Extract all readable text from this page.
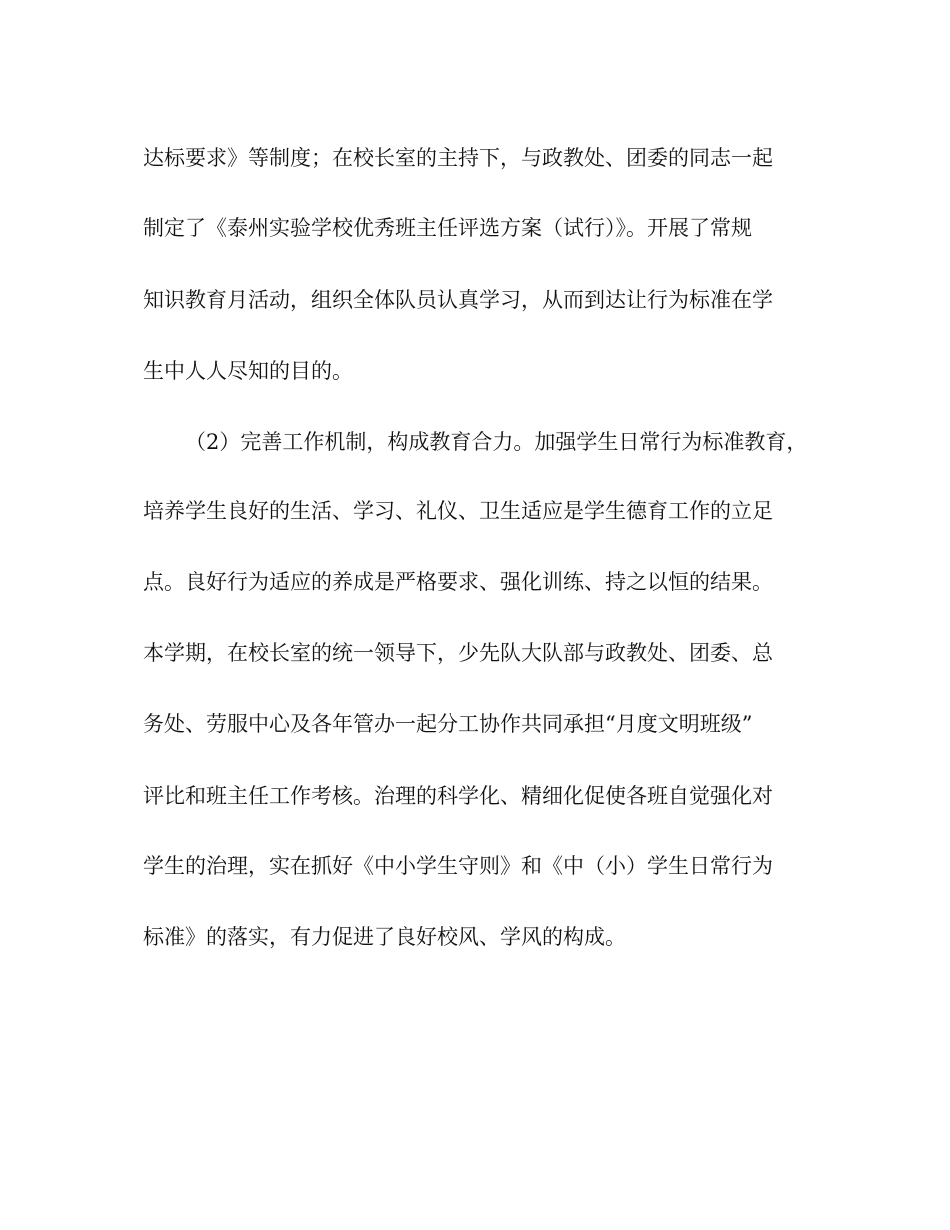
达标要求》等制度；在校长室的主持下，与政教处、团委的同志一起
制定了《泰州实验学校优秀班主任评选方案（试行）》。开展了常规
知识教育月活动，组织全体队员认真学习，从而到达让行为标准在学
生中人人尽知的目的。
（2）完善工作机制，构成教育合力。加强学生日常行为标准教育，
培养学生良好的生活、学习、礼仪、卫生适应是学生德育工作的立足
点。良好行为适应的养成是严格要求、强化训练、持之以恒的结果。
本学期，在校长室的统一领导下，少先队大队部与政教处、团委、总
务处、劳服中心及各年管办一起分工协作共同承担“月度文明班级”
评比和班主任工作考核。治理的科学化、精细化促使各班自觉强化对
学生的治理，实在抓好《中小学生守则》和《中（小）学生日常行为
标准》的落实，有力促进了良好校风、学风的构成。
